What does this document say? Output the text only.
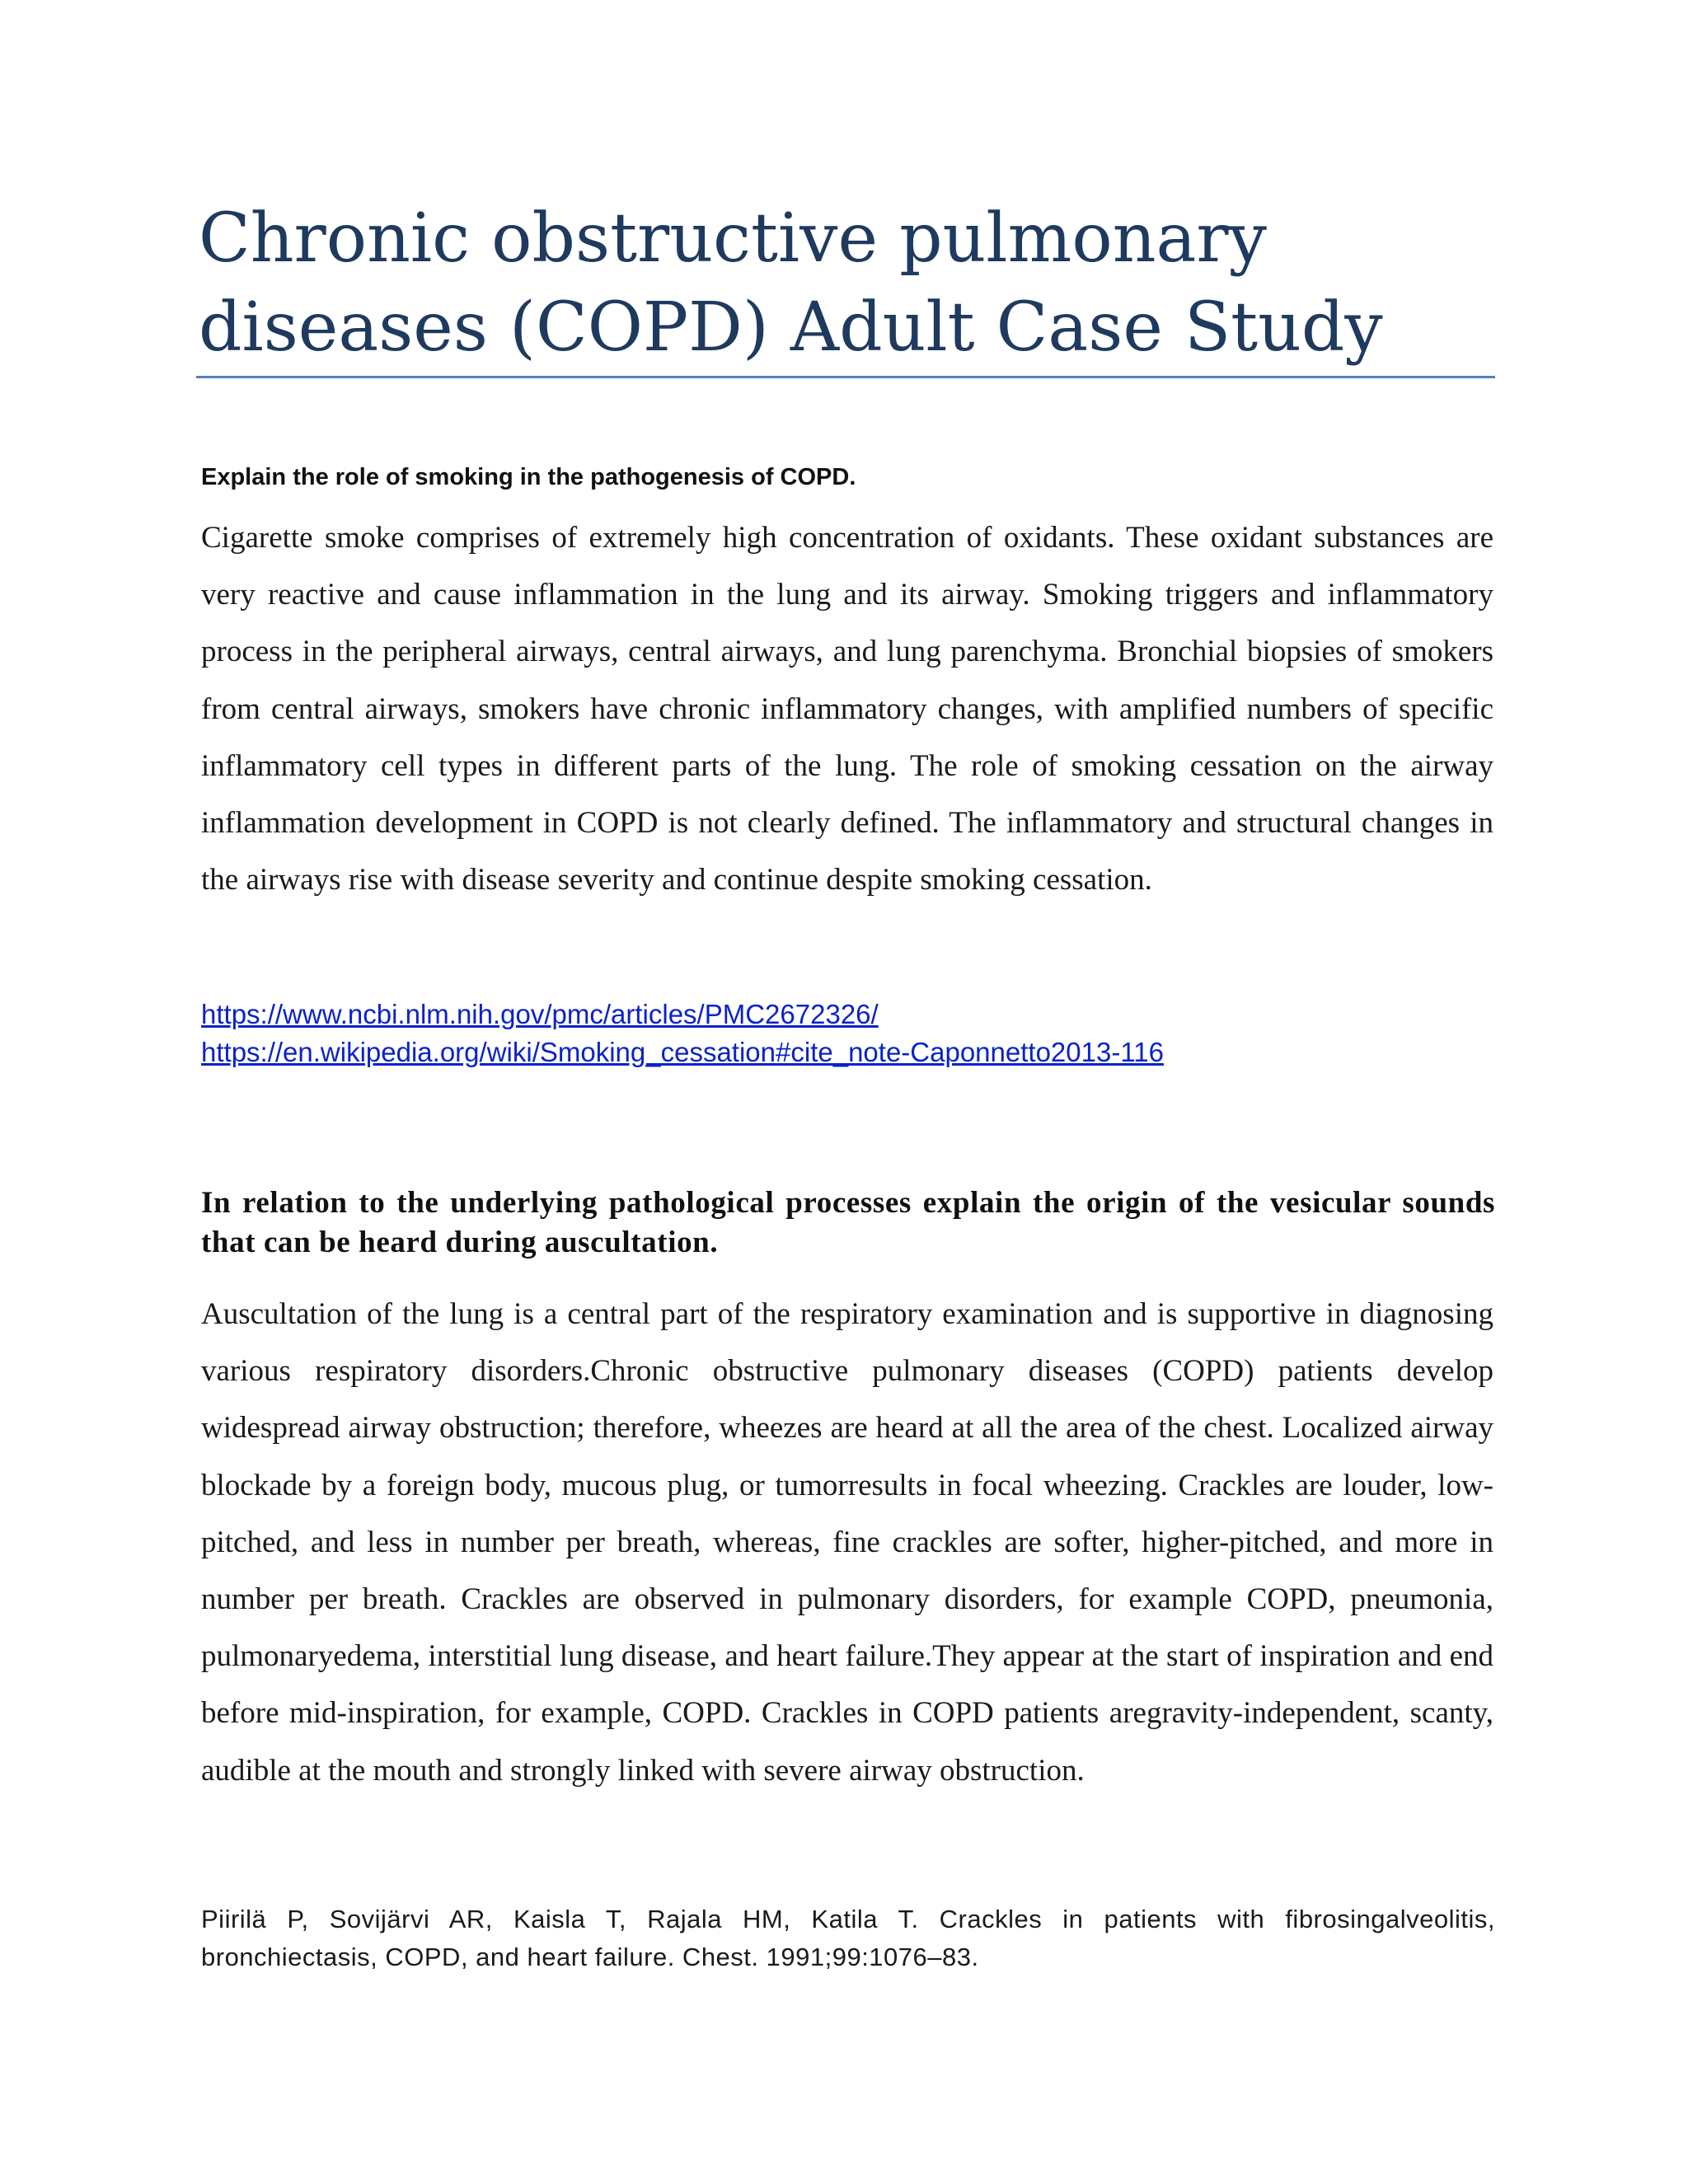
Chronic obstructive pulmonary diseases (COPD) Adult Case Study

Explain the role of smoking in the pathogenesis of COPD.

Cigarette smoke comprises of extremely high concentration of oxidants. These oxidant substances are very reactive and cause inflammation in the lung and its airway. Smoking triggers and inflammatory process in the peripheral airways, central airways, and lung parenchyma. Bronchial biopsies of smokers from central airways, smokers have chronic inflammatory changes, with amplified numbers of specific inflammatory cell types in different parts of the lung. The role of smoking cessation on the airway inflammation development in COPD is not clearly defined. The inflammatory and structural changes in the airways rise with disease severity and continue despite smoking cessation.

https://www.ncbi.nlm.nih.gov/pmc/articles/PMC2672326/
https://en.wikipedia.org/wiki/Smoking_cessation#cite_note-Caponnetto2013-116

In relation to the underlying pathological processes explain the origin of the vesicular sounds that can be heard during auscultation.

Auscultation of the lung is a central part of the respiratory examination and is supportive in diagnosing various respiratory disorders.Chronic obstructive pulmonary diseases (COPD) patients develop widespread airway obstruction; therefore, wheezes are heard at all the area of the chest. Localized airway blockade by a foreign body, mucous plug, or tumorresults in focal wheezing. Crackles are louder, low-pitched, and less in number per breath, whereas, fine crackles are softer, higher-pitched, and more in number per breath. Crackles are observed in pulmonary disorders, for example COPD, pneumonia, pulmonaryedema, interstitial lung disease, and heart failure.They appear at the start of inspiration and end before mid-inspiration, for example, COPD. Crackles in COPD patients aregravity-independent, scanty, audible at the mouth and strongly linked with severe airway obstruction.

Piirilä P, Sovijärvi AR, Kaisla T, Rajala HM, Katila T. Crackles in patients with fibrosingalveolitis, bronchiectasis, COPD, and heart failure. Chest. 1991;99:1076–83.
